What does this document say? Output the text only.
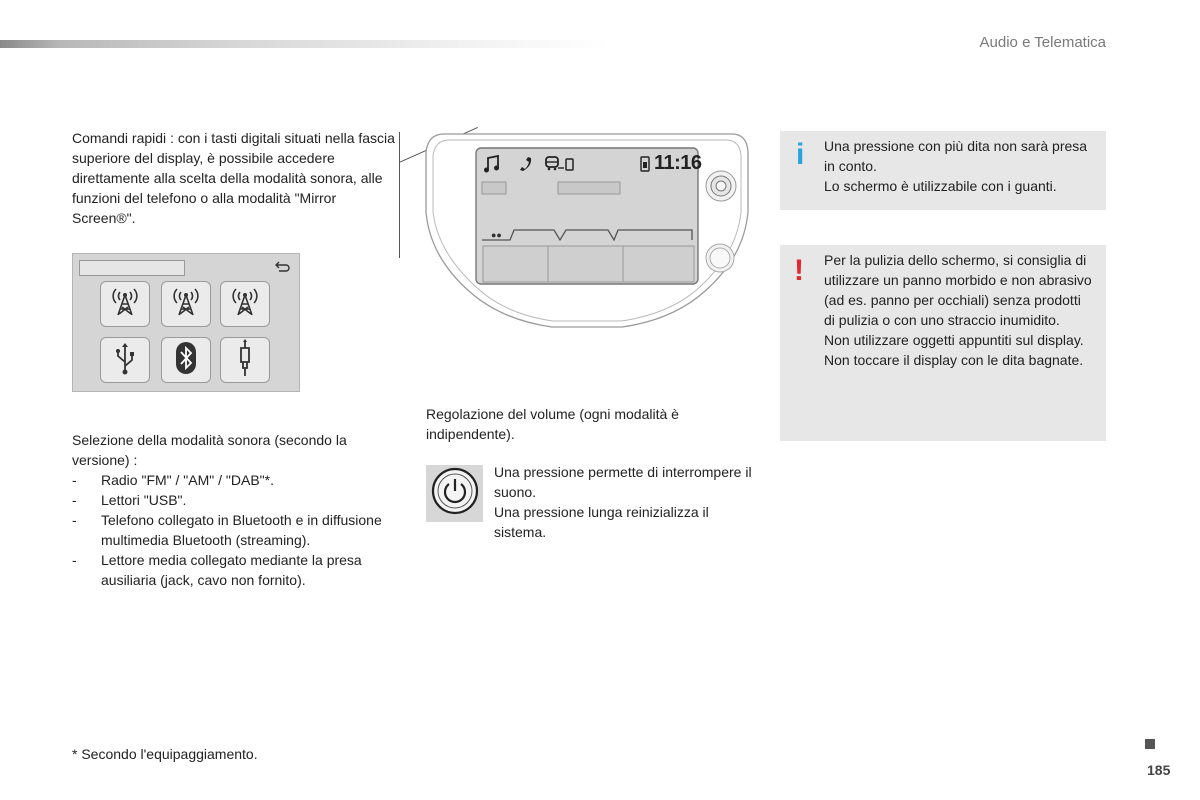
Audio e Telematica
Comandi rapidi : con i tasti digitali situati nella fascia superiore del display, è possibile accedere direttamente alla scelta della modalità sonora, alle funzioni del telefono o alla modalità "Mirror Screen®".
11:16
●●

Selezione della modalità sonora (secondo la versione) :

- Radio "FM" / "AM" / "DAB"*.
- Lettori "USB".
- Telefono collegato in Bluetooth e in diffusione multimedia Bluetooth (streaming).
- Lettore media collegato mediante la presa ausiliaria (jack, cavo non fornito).
Regolazione del volume (ogni modalità è indipendente).

Una pressione permette di interrompere il suono.

Una pressione lunga reinizializza il sistema.

i Una pressione con più dita non sarà presa in conto.

Lo schermo è utilizzabile con i guanti.

! Per la pulizia dello schermo, si consiglia di utilizzare un panno morbido e non abrasivo (ad es. panno per occhiali) senza prodotti di pulizia o con uno straccio inumidito.

Non utilizzare oggetti appuntiti sul display.

Non toccare il display con le dita bagnate.

* Secondo l'equipaggiamento.
185
